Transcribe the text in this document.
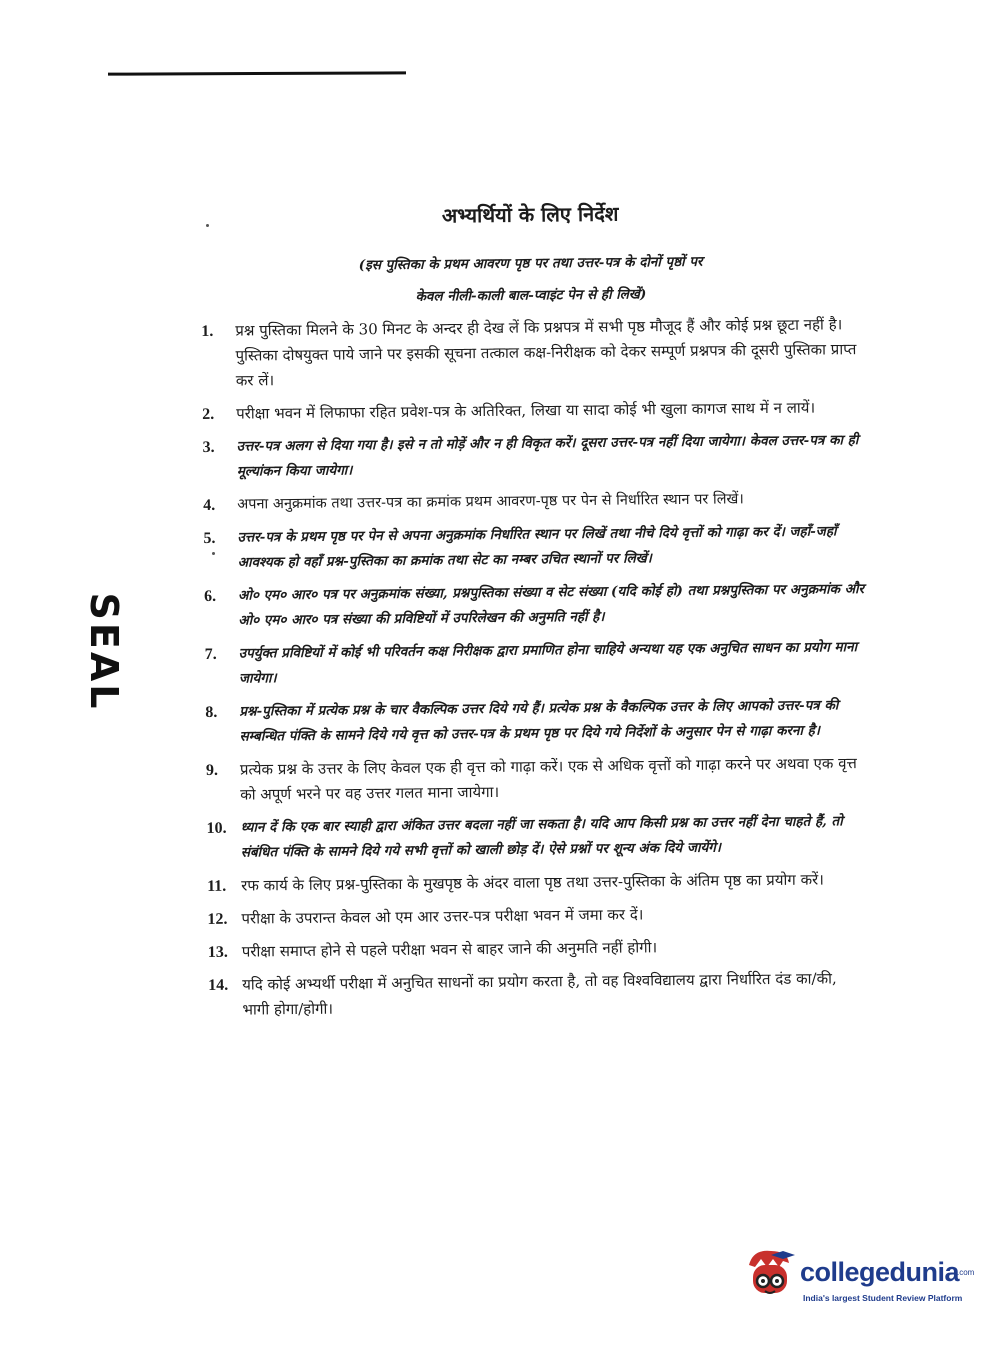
SEAL
अभ्यर्थियों के लिए निर्देश
(इस पुस्तिका के प्रथम आवरण पृष्ठ पर तथा उत्तर-पत्र के दोनों पृष्ठों पर
केवल नीली-काली बाल-प्वाइंट पेन से ही लिखें)
1.	प्रश्न पुस्तिका मिलने के 30 मिनट के अन्दर ही देख लें कि प्रश्नपत्र में सभी पृष्ठ मौजूद हैं और कोई प्रश्न छूटा नहीं है। पुस्तिका दोषयुक्त पाये जाने पर इसकी सूचना तत्काल कक्ष-निरीक्षक को देकर सम्पूर्ण प्रश्नपत्र की दूसरी पुस्तिका प्राप्त कर लें।
2.	परीक्षा भवन में लिफाफा रहित प्रवेश-पत्र के अतिरिक्त, लिखा या सादा कोई भी खुला कागज साथ में न लायें।
3.	उत्तर-पत्र अलग से दिया गया है। इसे न तो मोड़ें और न ही विकृत करें। दूसरा उत्तर-पत्र नहीं दिया जायेगा। केवल उत्तर-पत्र का ही मूल्यांकन किया जायेगा।
4.	अपना अनुक्रमांक तथा उत्तर-पत्र का क्रमांक प्रथम आवरण-पृष्ठ पर पेन से निर्धारित स्थान पर लिखें।
5.	उत्तर-पत्र के प्रथम पृष्ठ पर पेन से अपना अनुक्रमांक निर्धारित स्थान पर लिखें तथा नीचे दिये वृत्तों को गाढ़ा कर दें। जहाँ-जहाँ आवश्यक हो वहाँ प्रश्न-पुस्तिका का क्रमांक तथा सेट का नम्बर उचित स्थानों पर लिखें।
6.	ओ० एम० आर० पत्र पर अनुक्रमांक संख्या, प्रश्नपुस्तिका संख्या व सेट संख्या (यदि कोई हो) तथा प्रश्नपुस्तिका पर अनुक्रमांक और ओ० एम० आर० पत्र संख्या की प्रविष्टियों में उपरिलेखन की अनुमति नहीं है।
7.	उपर्युक्त प्रविष्टियों में कोई भी परिवर्तन कक्ष निरीक्षक द्वारा प्रमाणित होना चाहिये अन्यथा यह एक अनुचित साधन का प्रयोग माना जायेगा।
8.	प्रश्न-पुस्तिका में प्रत्येक प्रश्न के चार वैकल्पिक उत्तर दिये गये हैं। प्रत्येक प्रश्न के वैकल्पिक उत्तर के लिए आपको उत्तर-पत्र की सम्बन्धित पंक्ति के सामने दिये गये वृत्त को उत्तर-पत्र के प्रथम पृष्ठ पर दिये गये निर्देशों के अनुसार पेन से गाढ़ा करना है।
9.	प्रत्येक प्रश्न के उत्तर के लिए केवल एक ही वृत्त को गाढ़ा करें। एक से अधिक वृत्तों को गाढ़ा करने पर अथवा एक वृत्त को अपूर्ण भरने पर वह उत्तर गलत माना जायेगा।
10.	ध्यान दें कि एक बार स्याही द्वारा अंकित उत्तर बदला नहीं जा सकता है। यदि आप किसी प्रश्न का उत्तर नहीं देना चाहते हैं, तो संबंधित पंक्ति के सामने दिये गये सभी वृत्तों को खाली छोड़ दें। ऐसे प्रश्नों पर शून्य अंक दिये जायेंगे।
11. रफ कार्य के लिए प्रश्न-पुस्तिका के मुखपृष्ठ के अंदर वाला पृष्ठ तथा उत्तर-पुस्तिका के अंतिम पृष्ठ का प्रयोग करें।
12. परीक्षा के उपरान्त केवल ओ एम आर उत्तर-पत्र परीक्षा भवन में जमा कर दें।
13. परीक्षा समाप्त होने से पहले परीक्षा भवन से बाहर जाने की अनुमति नहीं होगी।
14. यदि कोई अभ्यर्थी परीक्षा में अनुचित साधनों का प्रयोग करता है, तो वह विश्वविद्यालय द्वारा निर्धारित दंड का/की, भागी होगा/होगी।
collegedunia
.com
India's largest Student Review Platform
